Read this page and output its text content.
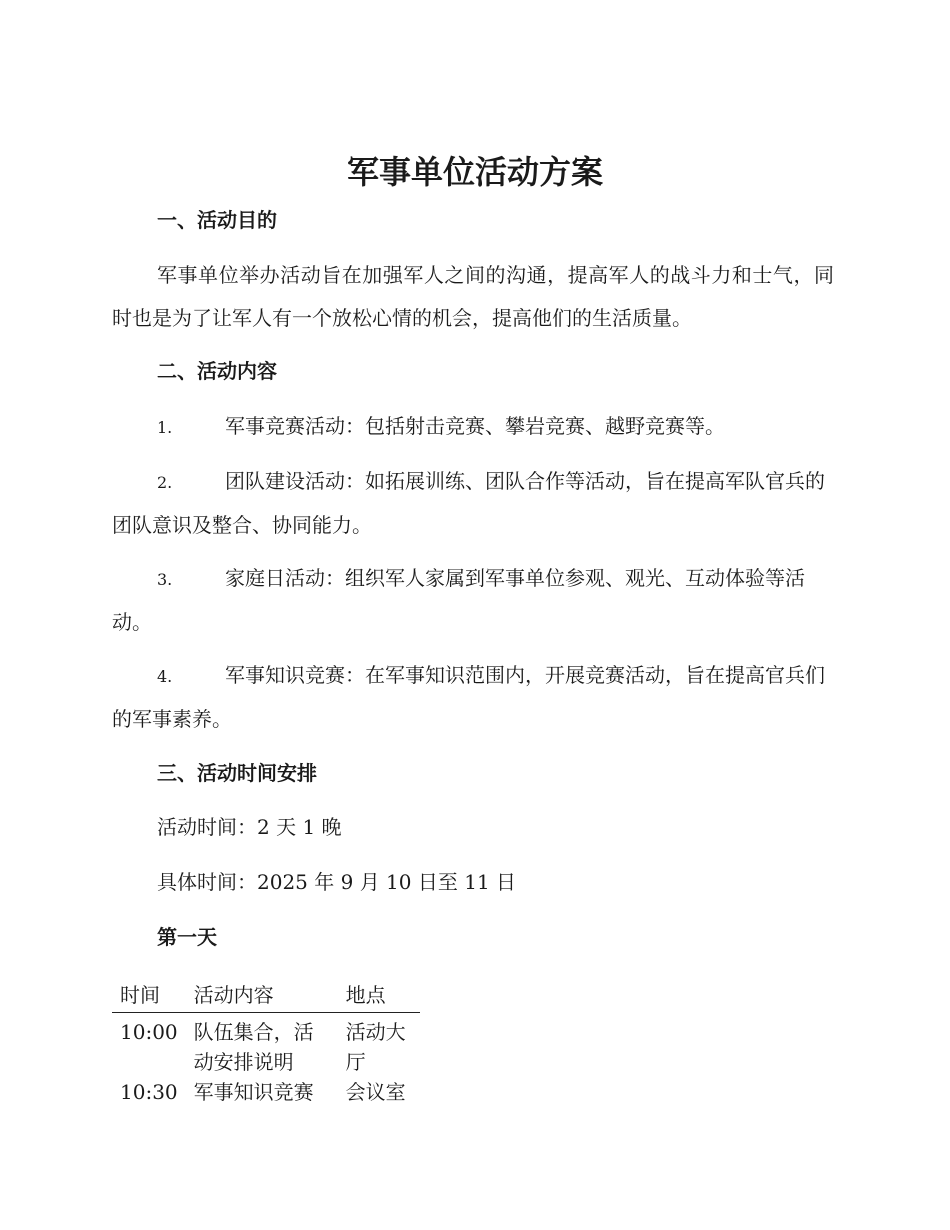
军事单位活动方案
一、活动目的

军事单位举办活动旨在加强军人之间的沟通，提高军人的战斗力和士气，同时也是为了让军人有一个放松心情的机会，提高他们的生活质量。

二、活动内容

1.	军事竞赛活动：包括射击竞赛、攀岩竞赛、越野竞赛等。

2.	团队建设活动：如拓展训练、团队合作等活动，旨在提高军队官兵的团队意识及整合、协同能力。

3.	家庭日活动：组织军人家属到军事单位参观、观光、互动体验等活动。

4.	军事知识竞赛：在军事知识范围内，开展竞赛活动，旨在提高官兵们的军事素养。

三、活动时间安排

活动时间：2 天 1 晚

具体时间：2025 年 9 月 10 日至 11 日

第一天
时间	活动内容	地点
10:00	队伍集合，活动安排说明	活动大厅
10:30	军事知识竞赛	会议室
